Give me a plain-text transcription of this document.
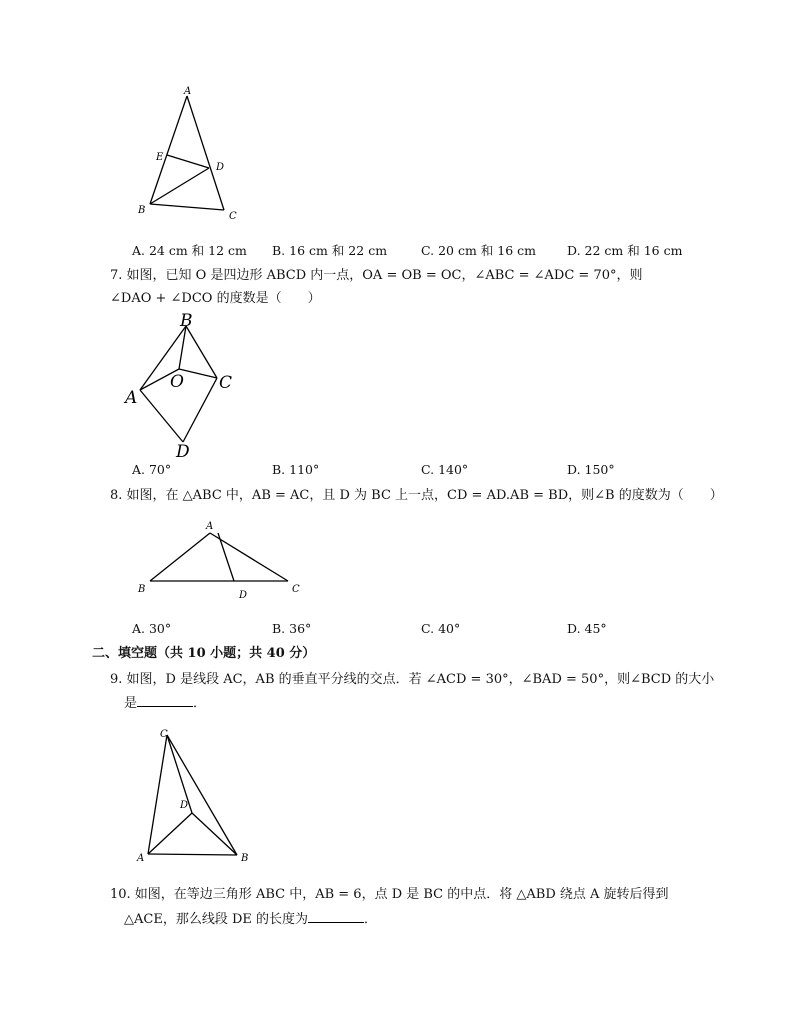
A
E
D
B
C
A. 24 cm 和 12 cm B. 16 cm 和 22 cm	C. 20 cm 和 16 cm D. 22 cm 和 16 cm
7. 如图，已知 O 是四边形 ABCD 内一点，OA = OB = OC，∠ABC = ∠ADC = 70°，则
∠DAO + ∠DCO 的度数是（　　）
B
O C
A
D
A. 70°	B. 110°	C. 140°	D. 150°
8. 如图，在 △ABC 中，AB = AC，且 D 为 BC 上一点，CD = AD.AB = BD，则∠B 的度数为（　　）
A
B
D
C
A. 30°	B. 36°	C. 40°	D. 45°
二、填空题（共 10 小题；共 40 分）
9. 如图，D 是线段 AC，AB 的垂直平分线的交点．若 ∠ACD = 30°，∠BAD = 50°，则∠BCD 的大小
是	．
C
D
A	B
10. 如图，在等边三角形 ABC 中，AB = 6，点 D 是 BC 的中点．将 △ABD 绕点 A 旋转后得到
△ACE，那么线段 DE 的长度为	．
